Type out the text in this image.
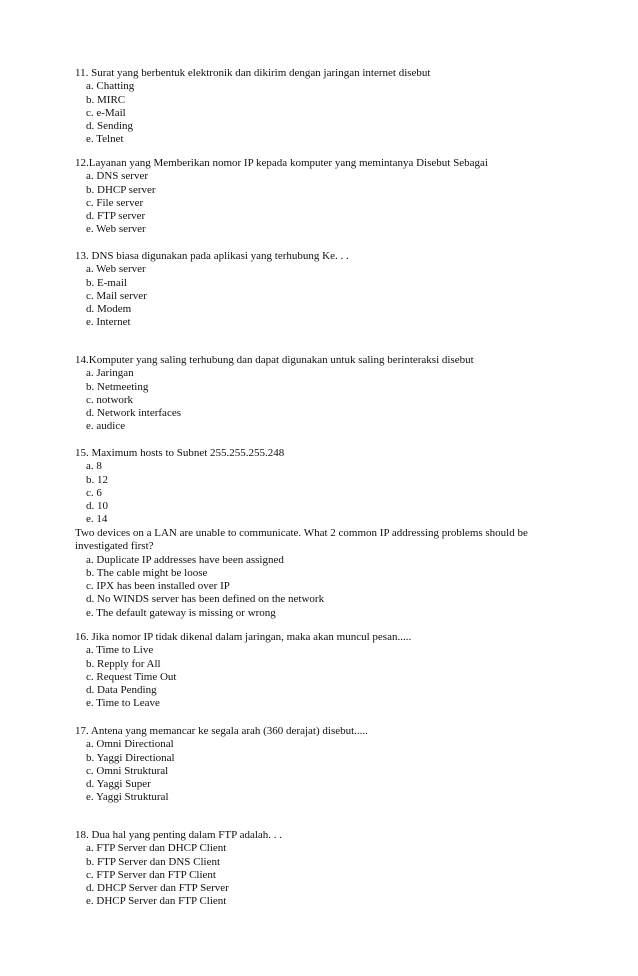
11. Surat yang berbentuk elektronik dan dikirim dengan jaringan internet disebut

a. Chatting
b. MIRC
c. e-Mail
d. Sending
e. Telnet

12.Layanan yang Memberikan nomor IP kepada komputer yang memintanya Disebut Sebagai

a. DNS server
b. DHCP server
c. File server
d. FTP server
e. Web server

13. DNS biasa digunakan pada aplikasi yang terhubung Ke. . .

a. Web server
b. E-mail
c. Mail server
d. Modem
e. Internet

14.Komputer yang saling terhubung dan dapat digunakan untuk saling berinteraksi disebut

a. Jaringan
b. Netmeeting
c. notwork
d. Network interfaces
e. audice

15. Maximum hosts to Subnet 255.255.255.248

a. 8
b. 12
c. 6
d. 10
e. 14

Two devices on a LAN are unable to communicate. What 2 common IP addressing problems should be investigated first?

a. Duplicate IP addresses have been assigned
b. The cable might be loose
c. IPX has been installed over IP
d. No WINDS server has been defined on the network
e. The default gateway is missing or wrong

16. Jika nomor IP tidak dikenal dalam jaringan, maka akan muncul pesan.....

a. Time to Live
b. Repply for All
c. Request Time Out
d. Data Pending
e. Time to Leave

17. Antena yang memancar ke segala arah (360 derajat) disebut.....

a. Omni Directional
b. Yaggi Directional
c. Omni Struktural
d. Yaggi Super
e. Yaggi Struktural

18. Dua hal yang penting dalam FTP adalah. . .

a. FTP Server dan DHCP Client
b. FTP Server dan DNS Client
c. FTP Server dan FTP Client
d. DHCP Server dan FTP Server
e. DHCP Server dan FTP Client
